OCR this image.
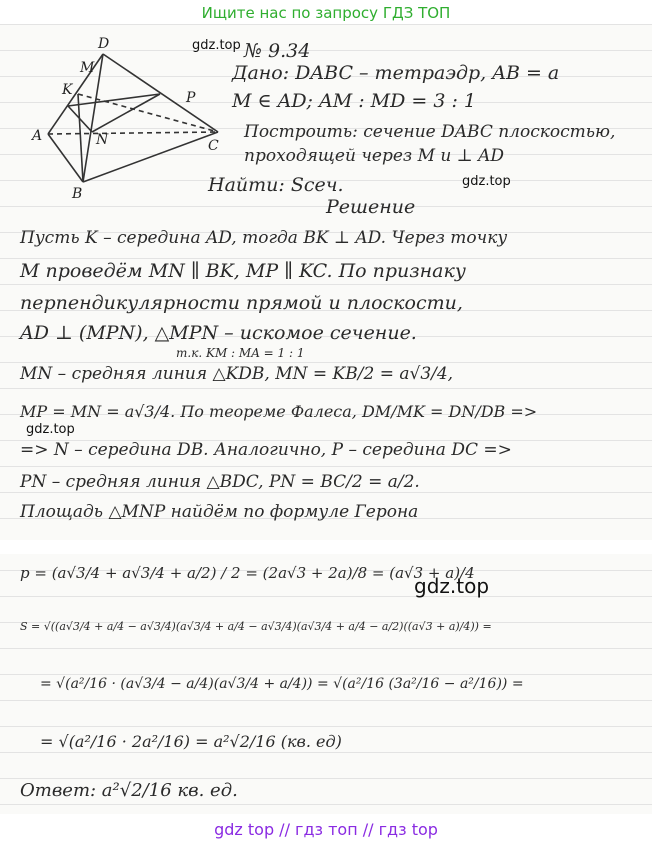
Ищите нас по запросу ГДЗ ТОП
D
K
M
P
A	N	C
B
gdz.top
gdz.top
gdz.top
gdz.top
№ 9.34
Дано: DABC – тетраэдр, AB = a
M ∈ AD; AM : MD = 3 : 1
Построить: сечение DABC плоскостью,
проходящей через M и ⊥ AD
Найти: Sсеч.
Решение
Пусть K – середина AD, тогда BK ⊥ AD. Через точку
M проведём MN ∥ BK, MP ∥ KC. По признаку
перпендикулярности прямой и плоскости,
AD ⊥ (MPN), △MPN – искомое сечение.
т.к. KM : MA = 1 : 1
MN – средняя линия △KDB, MN = KB/2 = a√3/4,
MP = MN = a√3/4. По теореме Фалеса, DM/MK = DN/DB =>
=> N – середина DB. Аналогично, P – середина DC =>
PN – средняя линия △BDC, PN = BC/2 = a/2.
Площадь △MNP найдём по формуле Герона
p = (a√3/4 + a√3/4 + a/2) / 2 = (2a√3 + 2a)/8 = (a√3 + a)/4
S = √((a√3/4 + a/4 − a√3/4)(a√3/4 + a/4 − a√3/4)(a√3/4 + a/4 − a/2)((a√3 + a)/4)) =
= √(a²/16 · (a√3/4 − a/4)(a√3/4 + a/4)) = √(a²/16 (3a²/16 − a²/16)) =
= √(a²/16 · 2a²/16) = a²√2/16 (кв. ед)
Ответ: a²√2/16 кв. ед.
gdz top // гдз топ // гдз top
